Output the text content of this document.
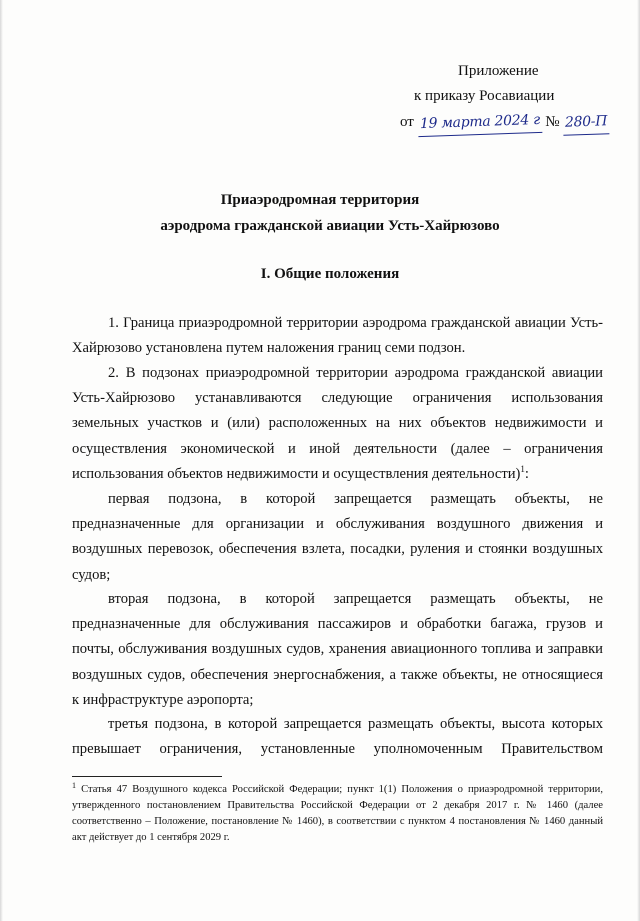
Приложение
к приказу Росавиации
от 19 марта 2024 г № 280-П
Приаэродромная территория
аэродрома гражданской авиации Усть-Хайрюзово
I. Общие положения

1. Граница приаэродромной территории аэродрома гражданской авиации Усть-Хайрюзово установлена путем наложения границ семи подзон.

2. В подзонах приаэродромной территории аэродрома гражданской авиации Усть-Хайрюзово устанавливаются следующие ограничения использования земельных участков и (или) расположенных на них объектов недвижимости и осуществления экономической и иной деятельности (далее – ограничения использования объектов недвижимости и осуществления деятельности)$^1$:

первая подзона, в которой запрещается размещать объекты, не предназначенные для организации и обслуживания воздушного движения и воздушных перевозок, обеспечения взлета, посадки, руления и стоянки воздушных судов;

вторая подзона, в которой запрещается размещать объекты, не предназначенные для обслуживания пассажиров и обработки багажа, грузов и почты, обслуживания воздушных судов, хранения авиационного топлива и заправки воздушных судов, обеспечения энергоснабжения, а также объекты, не относящиеся к инфраструктуре аэропорта;

третья подзона, в которой запрещается размещать объекты, высота которых превышает ограничения, установленные уполномоченным Правительством

$^1$ Статья 47 Воздушного кодекса Российской Федерации; пункт 1(1) Положения о приаэродромной территории, утвержденного постановлением Правительства Российской Федерации от 2 декабря 2017 г. № 1460 (далее соответственно – Положение, постановление № 1460), в соответствии с пунктом 4 постановления № 1460 данный акт действует до 1 сентября 2029 г.
